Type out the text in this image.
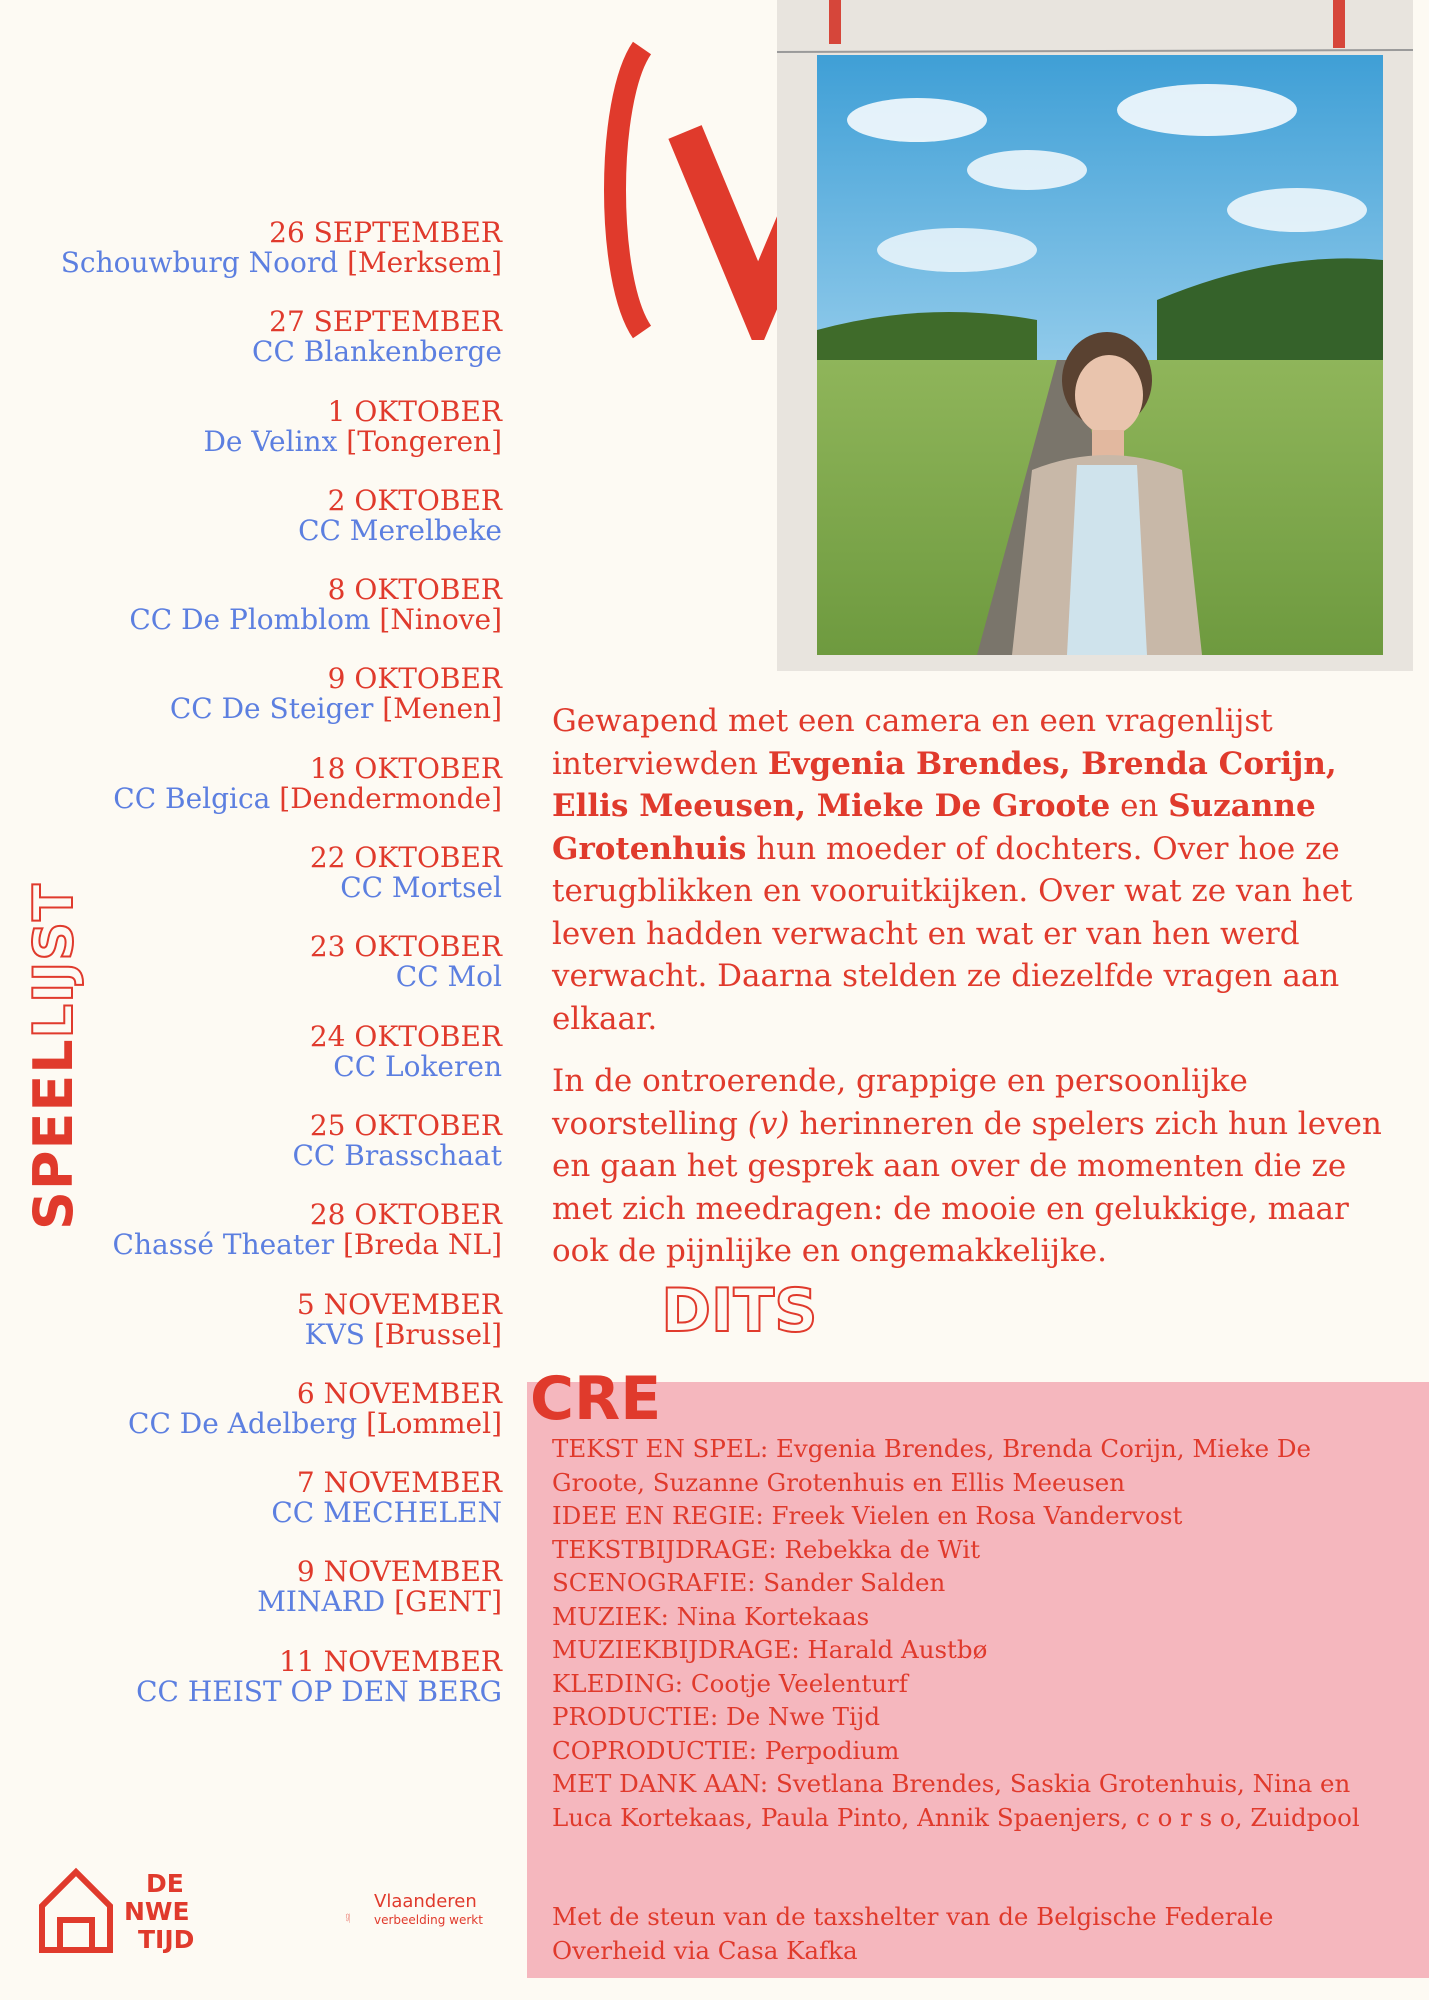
26 SEPTEMBER
Schouwburg Noord [Merksem]
27 SEPTEMBER
CC Blankenberge
1 OKTOBER
De Velinx [Tongeren]
2 OKTOBER
CC Merelbeke
8 OKTOBER
CC De Plomblom [Ninove]
9 OKTOBER
CC De Steiger [Menen]
18 OKTOBER
CC Belgica [Dendermonde]
22 OKTOBER
CC Mortsel
23 OKTOBER
CC Mol
24 OKTOBER
CC Lokeren
25 OKTOBER
CC Brasschaat
28 OKTOBER
Chassé Theater [Breda NL]
5 NOVEMBER
KVS [Brussel]
6 NOVEMBER
CC De Adelberg [Lommel]
7 NOVEMBER
CC MECHELEN
9 NOVEMBER
MINARD [GENT]
11 NOVEMBER
CC HEIST OP DEN BERG
SPEELLIJST

Gewapend met een camera en een vragenlijst interviewden Evgenia Brendes, Brenda Corijn, Ellis Meeusen, Mieke De Groote en Suzanne Grotenhuis hun moeder of dochters. Over hoe ze terugblikken en vooruitkijken. Over wat ze van het leven hadden verwacht en wat er van hen werd verwacht. Daarna stelden ze diezelfde vragen aan elkaar.

In de ontroerende, grappige en persoonlijke voorstelling (v) herinneren de spelers zich hun leven en gaan het gesprek aan over de momenten die ze met zich meedragen: de mooie en gelukkige, maar ook de pijnlijke en ongemakkelijke.

CREDITS
TEKST EN SPEL: Evgenia Brendes, Brenda Corijn, Mieke De Groote, Suzanne Grotenhuis en Ellis Meeusen
IDEE EN REGIE: Freek Vielen en Rosa Vandervost
TEKSTBIJDRAGE: Rebekka de Wit
SCENOGRAFIE: Sander Salden
MUZIEK: Nina Kortekaas
MUZIEKBIJDRAGE: Harald Austbø
KLEDING: Cootje Veelenturf
PRODUCTIE: De Nwe Tijd
COPRODUCTIE: Perpodium
MET DANK AAN: Svetlana Brendes, Saskia Grotenhuis, Nina en Luca Kortekaas, Paula Pinto, Annik Spaenjers, c o r s o, Zuidpool
Met de steun van de taxshelter van de Belgische Federale Overheid via Casa Kafka
DE
NWE
TIJD
Vlaanderen
verbeelding werkt
